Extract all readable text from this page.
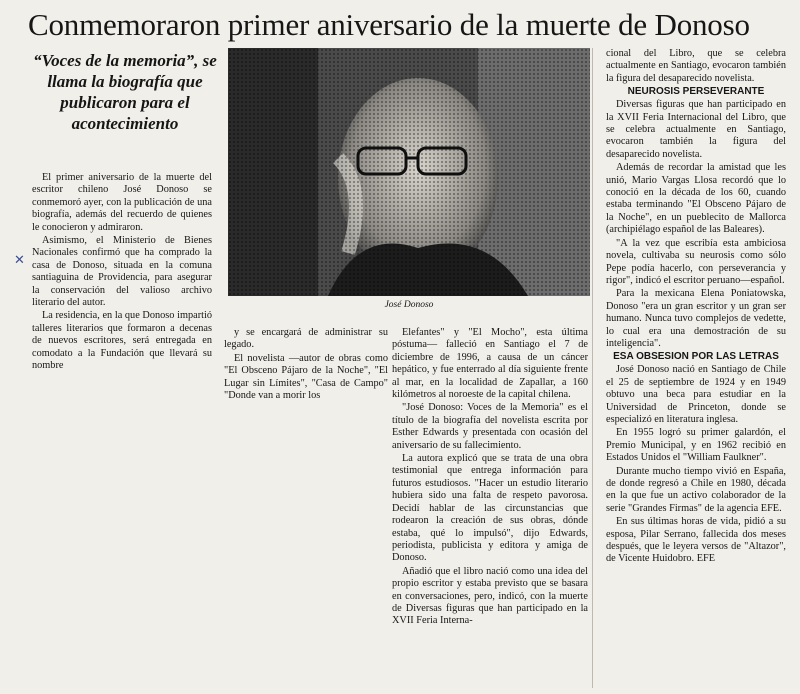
Conmemoraron primer aniversario de la muerte de Donoso

“Voces de la memoria”, se llama la biografía que publicaron para el acontecimiento

✕

El primer aniversario de la muerte del escritor chileno José Donoso se conmemoró ayer, con la publicación de una biografía, además del recuerdo de quienes le conocieron y admiraron.

Asimismo, el Ministerio de Bienes Nacionales confirmó que ha comprado la casa de Donoso, situada en la comuna santiaguina de Providencia, para asegurar la conservación del valioso archivo literario del autor.

La residencia, en la que Donoso impartió talleres literarios que formaron a decenas de nuevos escritores, será entregada en comodato a la Fundación que llevará su nombre

José Donoso

y se encargará de administrar su legado.

El novelista —autor de obras como "El Obsceno Pájaro de la Noche", "El Lugar sin Límites", "Casa de Campo" "Donde van a morir los

Elefantes" y "El Mocho", esta última póstuma— falleció en Santiago el 7 de diciembre de 1996, a causa de un cáncer hepático, y fue enterrado al día siguiente frente al mar, en la localidad de Zapallar, a 160 kilómetros al noroeste de la capital chilena.

"José Donoso: Voces de la Memoria" es el título de la biografía del novelista escrita por Esther Edwards y presentada con ocasión del aniversario de su fallecimiento.

La autora explicó que se trata de una obra testimonial que entrega información para futuros estudiosos. "Hacer un estudio literario hubiera sido una falta de respeto pavorosa. Decidí hablar de las circunstancias que rodearon la creación de sus obras, dónde estaba, qué lo impulsó", dijo Edwards, periodista, publicista y editora y amiga de Donoso.

Añadió que el libro nació como una idea del propio escritor y estaba previsto que se basara en conversaciones, pero, indicó, con la muerte de Diversas figuras que han participado en la XVII Feria Interna-

cional del Libro, que se celebra actualmente en Santiago, evocaron también la figura del desaparecido novelista.

NEUROSIS PERSEVERANTE

Diversas figuras que han participado en la XVII Feria Internacional del Libro, que se celebra actualmente en Santiago, evocaron también la figura del desaparecido novelista.

Además de recordar la amistad que les unió, Mario Vargas Llosa recordó que lo conoció en la década de los 60, cuando estaba terminando "El Obsceno Pájaro de la Noche", en un pueblecito de Mallorca (archipiélago español de las Baleares).

"A la vez que escribía esta ambiciosa novela, cultivaba su neurosis como sólo Pepe podía hacerlo, con perseverancia y rigor", indicó el escritor peruano—español.

Para la mexicana Elena Poniatowska, Donoso "era un gran escritor y un gran ser humano. Nunca tuvo complejos de vedette, lo cual era una demostración de su inteligencia".

ESA OBSESION POR LAS LETRAS

José Donoso nació en Santiago de Chile el 25 de septiembre de 1924 y en 1949 obtuvo una beca para estudiar en la Universidad de Princeton, donde se especializó en literatura inglesa.

En 1955 logró su primer galardón, el Premio Municipal, y en 1962 recibió en Estados Unidos el "William Faulkner".

Durante mucho tiempo vivió en España, de donde regresó a Chile en 1980, década en la que fue un activo colaborador de la serie "Grandes Firmas" de la agencia EFE.

En sus últimas horas de vida, pidió a su esposa, Pilar Serrano, fallecida dos meses después, que le leyera versos de "Altazor", de Vicente Huidobro. EFE
